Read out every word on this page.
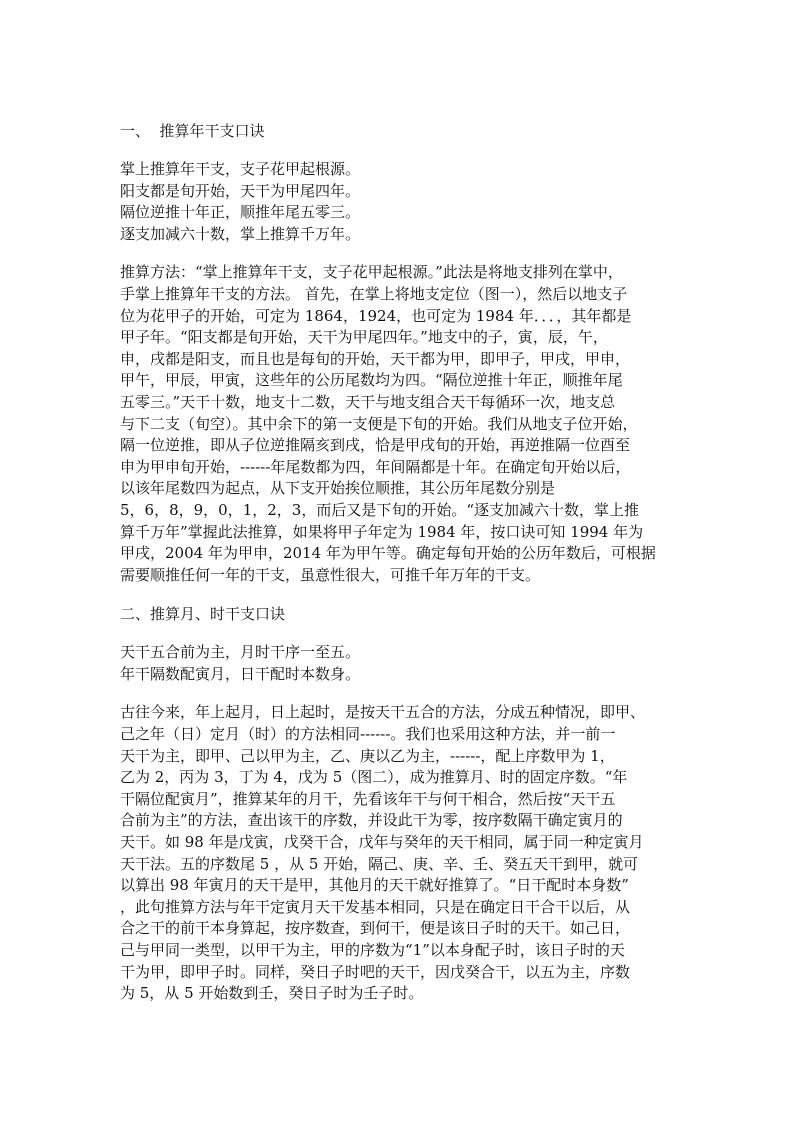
一、  推算年干支口诀

掌上推算年干支，支子花甲起根源。
阳支都是旬开始，天干为甲尾四年。
隔位逆推十年正，顺推年尾五零三。
逐支加减六十数，掌上推算千万年。
推算方法：“掌上推算年干支，支子花甲起根源。”此法是将地支排列在掌中，
手掌上推算年干支的方法。 首先，在掌上将地支定位（图一），然后以地支子
位为花甲子的开始，可定为 1864，1924，也可定为 1984 年．．．，其年都是
甲子年。“阳支都是旬开始，天干为甲尾四年。”地支中的子，寅，辰，午，
申，戌都是阳支，而且也是每旬的开始，天干都为甲，即甲子，甲戌，甲申，
甲午，甲辰，甲寅，这些年的公历尾数均为四。“隔位逆推十年正，顺推年尾
五零三。”天干十数，地支十二数，天干与地支组合天干每循环一次，地支总
与下二支（旬空）。其中余下的第一支便是下旬的开始。我们从地支子位开始，
隔一位逆推，即从子位逆推隔亥到戌，恰是甲戌旬的开始，再逆推隔一位酉至
申为甲申旬开始，------年尾数都为四，年间隔都是十年。在确定旬开始以后，
以该年尾数四为起点，从下支开始挨位顺推，其公历年尾数分别是
5，6，8，9，0，1，2，3，而后又是下旬的开始。“逐支加减六十数，掌上推
算千万年”掌握此法推算，如果将甲子年定为 1984 年，按口诀可知 1994 年为
甲戌，2004 年为甲申，2014 年为甲午等。确定每旬开始的公历年数后，可根据
需要顺推任何一年的干支，虽意性很大，可推千年万年的干支。

二、推算月、时干支口诀

天干五合前为主，月时干序一至五。
年干隔数配寅月，日干配时本数身。
古往今来，年上起月，日上起时，是按天干五合的方法，分成五种情况，即甲、
己之年（日）定月（时）的方法相同------。我们也采用这种方法，并一前一
天干为主，即甲、己以甲为主，乙、庚以乙为主，------，配上序数甲为 1，
乙为 2，丙为 3，丁为 4，戊为 5（图二），成为推算月、时的固定序数。“年
干隔位配寅月”，推算某年的月干，先看该年干与何干相合，然后按“天干五
合前为主”的方法，查出该干的序数，并设此干为零，按序数隔干确定寅月的
天干。如 98 年是戊寅，戊癸干合，戊年与癸年的天干相同，属于同一种定寅月
天干法。五的序数尾 5 ，从 5 开始，隔己、庚、辛、壬、癸五天干到甲，就可
以算出 98 年寅月的天干是甲，其他月的天干就好推算了。“日干配时本身数”
，此句推算方法与年干定寅月天干发基本相同，只是在确定日干合干以后，从
合之干的前干本身算起，按序数查，到何干，便是该日子时的天干。如己日，
己与甲同一类型，以甲干为主，甲的序数为“1”以本身配子时，该日子时的天
干为甲，即甲子时。同样，癸日子时吧的天干，因戊癸合干，以五为主，序数
为 5，从 5 开始数到壬，癸日子时为壬子时。
